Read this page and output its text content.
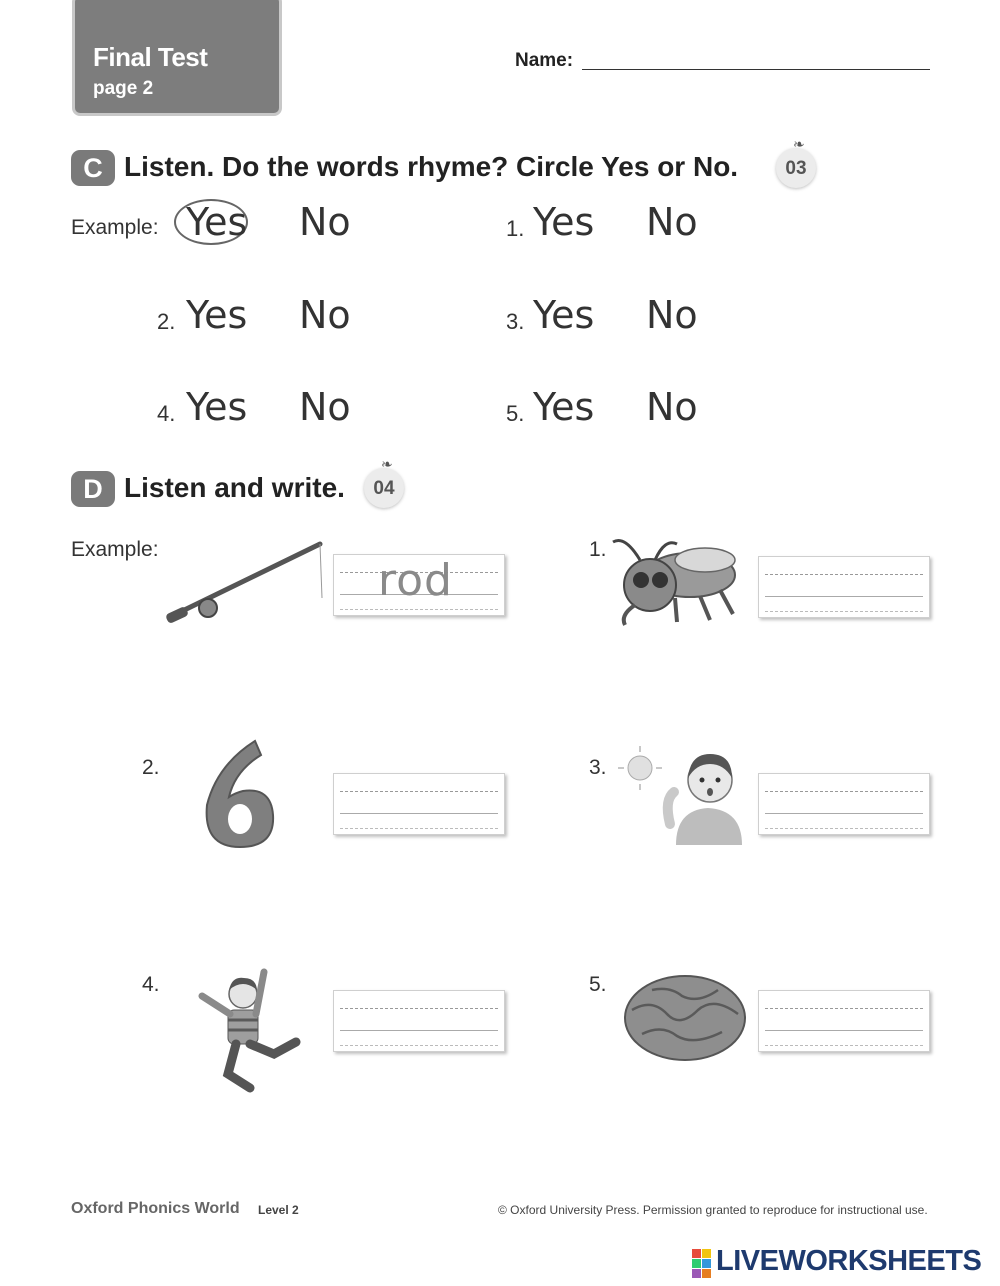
Final Test
page 2
Name:
C Listen. Do the words rhyme? Circle Yes or No.
❧
03
Example: Yes No	1. Yes No
2. Yes No	3. Yes No
4. Yes No	5. Yes No
D Listen and write.
❧
04
Example:
rod
1.
2.	3.
4.	5.
Oxford Phonics World Level 2	© Oxford University Press. Permission granted to reproduce for instructional use.
LIVEWORKSHEETS
